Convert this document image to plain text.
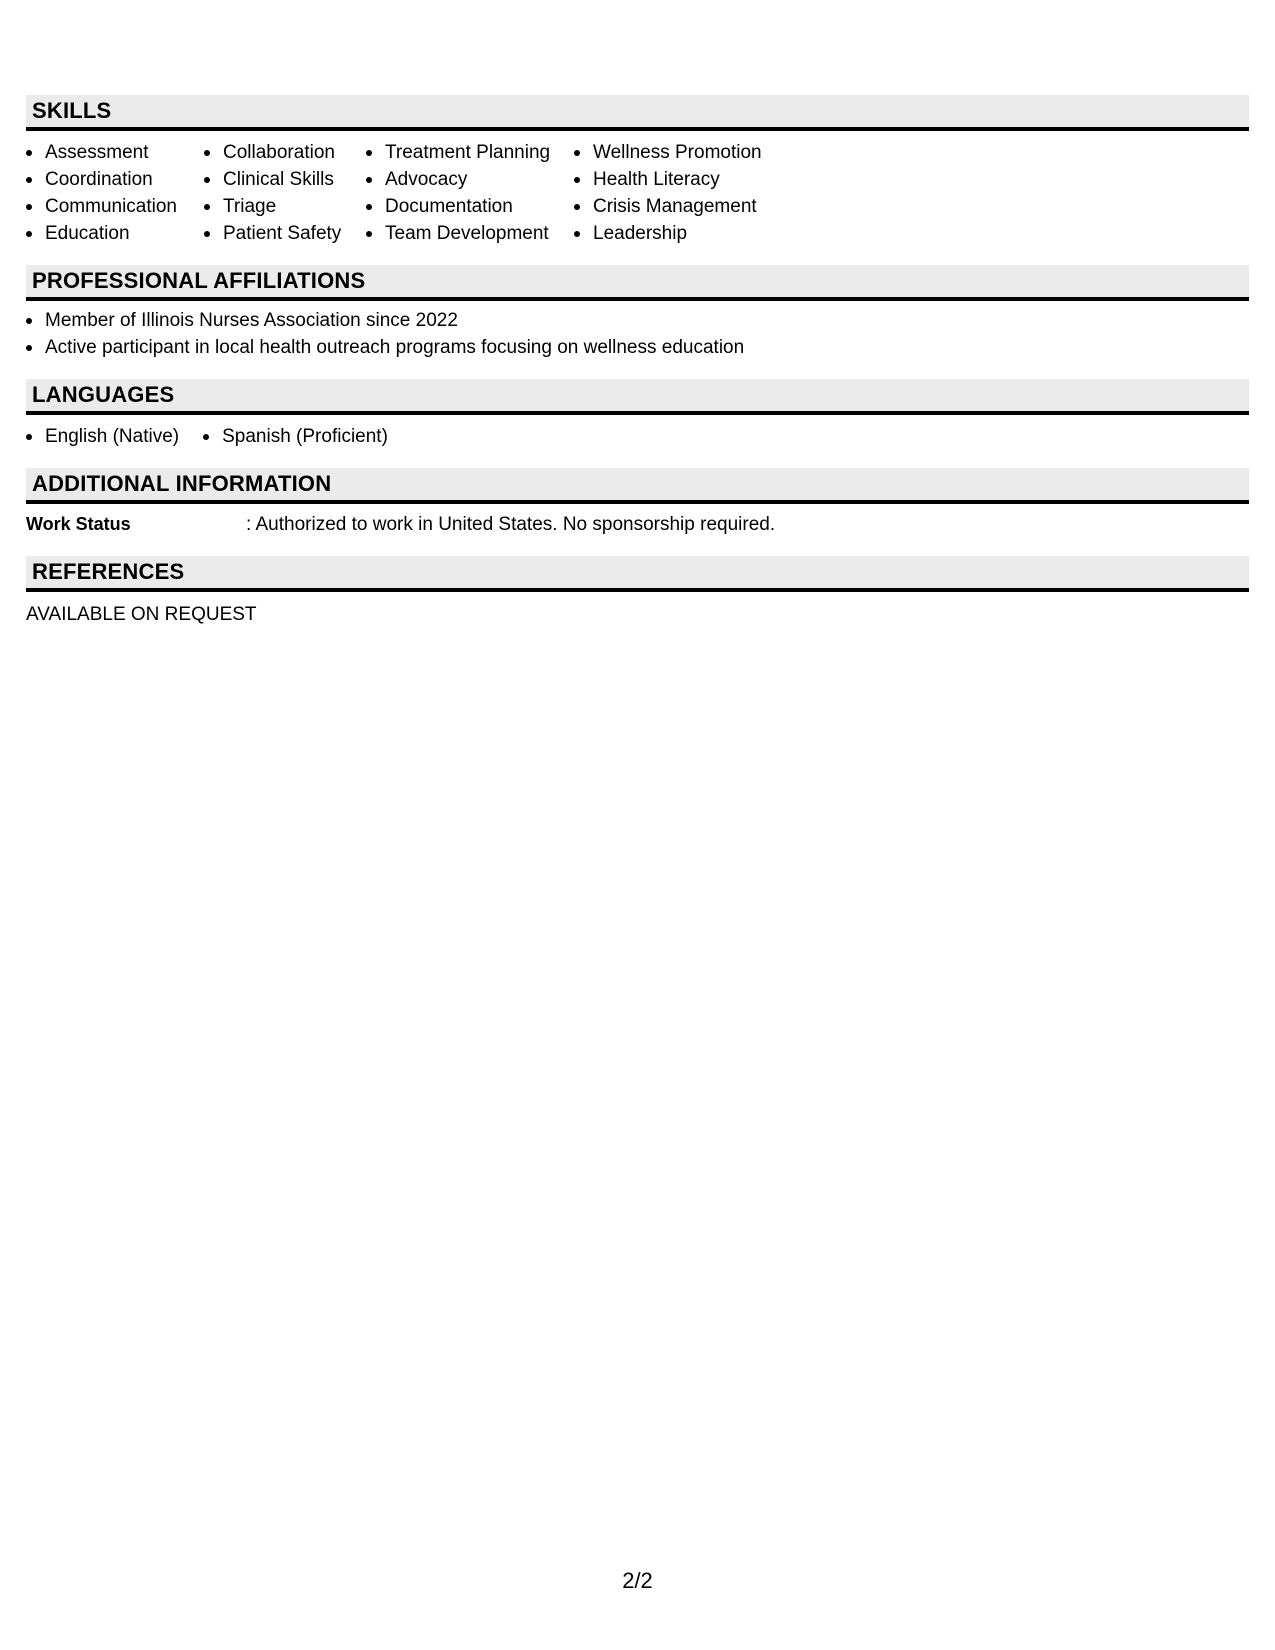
SKILLS
Assessment
Coordination
Communication
Education
Collaboration
Clinical Skills
Triage
Patient Safety
Treatment Planning
Advocacy
Documentation
Team Development
Wellness Promotion
Health Literacy
Crisis Management
Leadership
PROFESSIONAL AFFILIATIONS
Member of Illinois Nurses Association since 2022
Active participant in local health outreach programs focusing on wellness education
LANGUAGES
English (Native)	Spanish (Proficient)
ADDITIONAL INFORMATION
Work Status	: Authorized to work in United States. No sponsorship required.
REFERENCES
AVAILABLE ON REQUEST
2/2
